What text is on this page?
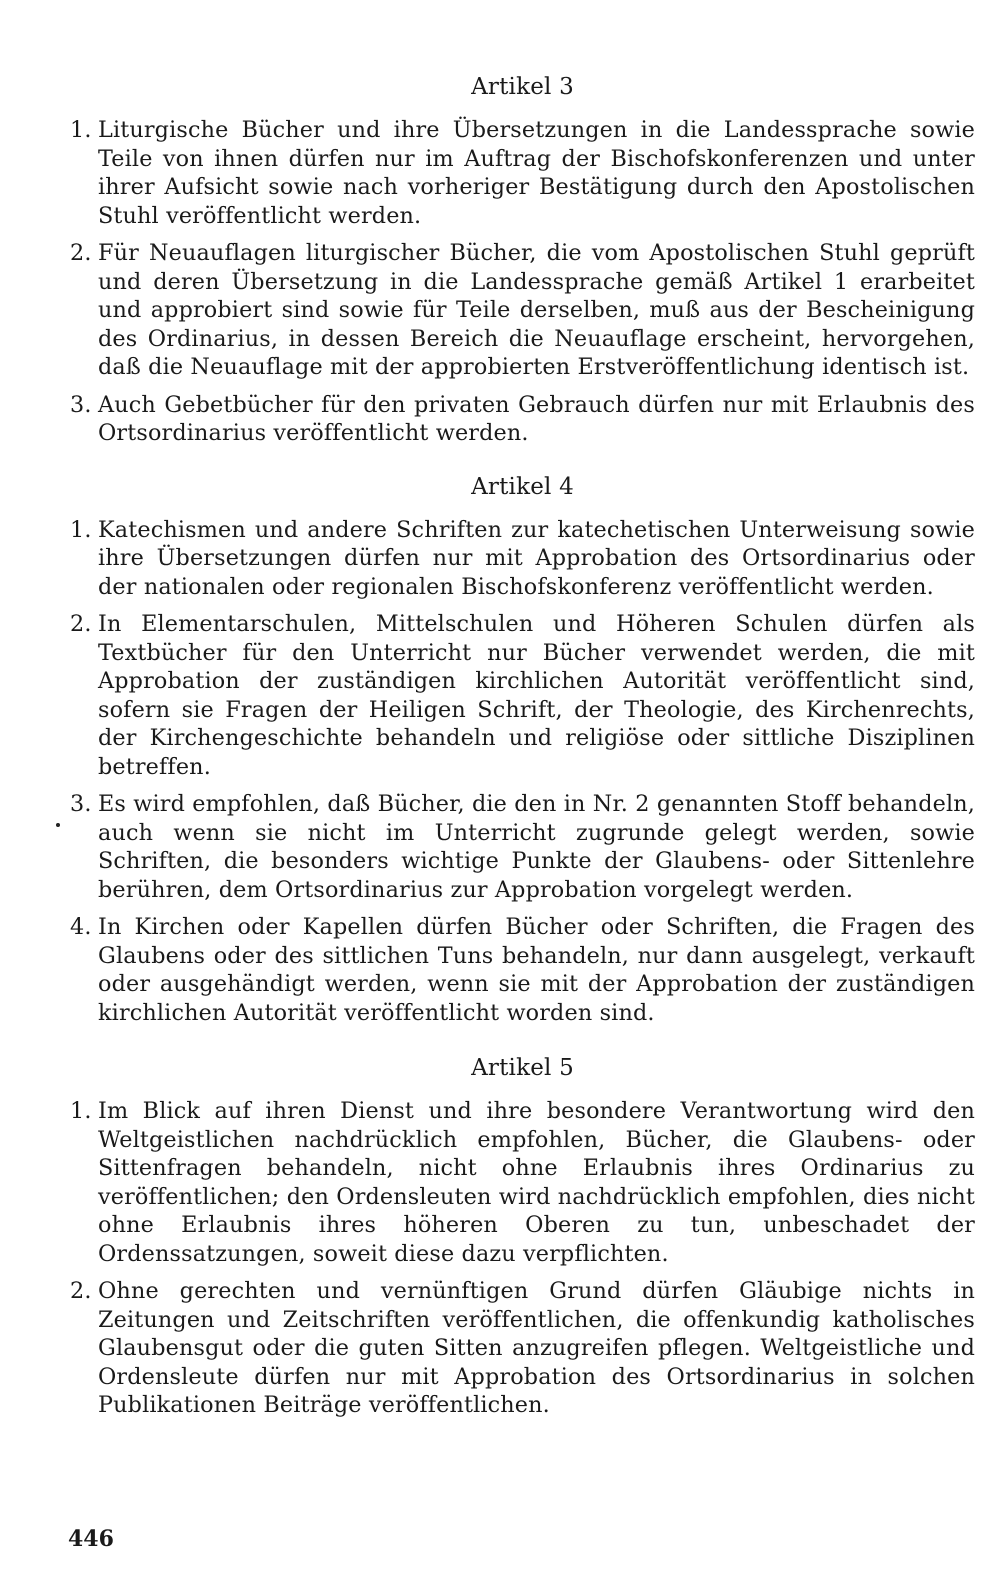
Artikel 3
1. Liturgische Bücher und ihre Übersetzungen in die Landessprache sowie Teile von ihnen dürfen nur im Auftrag der Bischofskonferenzen und unter ihrer Aufsicht sowie nach vorheriger Bestätigung durch den Apostolischen Stuhl veröffentlicht werden.
2. Für Neuauflagen liturgischer Bücher, die vom Apostolischen Stuhl geprüft und deren Übersetzung in die Landessprache gemäß Artikel 1 erarbeitet und approbiert sind sowie für Teile derselben, muß aus der Bescheinigung des Ordinarius, in dessen Bereich die Neuauflage erscheint, hervorgehen, daß die Neuauflage mit der approbierten Erstveröffentlichung identisch ist.
3. Auch Gebetbücher für den privaten Gebrauch dürfen nur mit Erlaubnis des Ortsordinarius veröffentlicht werden.
Artikel 4
1. Katechismen und andere Schriften zur katechetischen Unterweisung sowie ihre Übersetzungen dürfen nur mit Approbation des Ortsordinarius oder der nationalen oder regionalen Bischofskonferenz veröffentlicht werden.
2. In Elementarschulen, Mittelschulen und Höheren Schulen dürfen als Textbücher für den Unterricht nur Bücher verwendet werden, die mit Approbation der zuständigen kirchlichen Autorität veröffentlicht sind, sofern sie Fragen der Heiligen Schrift, der Theologie, des Kirchenrechts, der Kirchengeschichte behandeln und religiöse oder sittliche Disziplinen betreffen.
3. Es wird empfohlen, daß Bücher, die den in Nr. 2 genannten Stoff behandeln, auch wenn sie nicht im Unterricht zugrunde gelegt werden, sowie Schriften, die besonders wichtige Punkte der Glaubens- oder Sittenlehre berühren, dem Ortsordinarius zur Approbation vorgelegt werden.
4. In Kirchen oder Kapellen dürfen Bücher oder Schriften, die Fragen des Glaubens oder des sittlichen Tuns behandeln, nur dann ausgelegt, verkauft oder ausgehändigt werden, wenn sie mit der Approbation der zuständigen kirchlichen Autorität veröffentlicht worden sind.
Artikel 5
1. Im Blick auf ihren Dienst und ihre besondere Verantwortung wird den Weltgeistlichen nachdrücklich empfohlen, Bücher, die Glaubens- oder Sittenfragen behandeln, nicht ohne Erlaubnis ihres Ordinarius zu veröffentlichen; den Ordensleuten wird nachdrücklich empfohlen, dies nicht ohne Erlaubnis ihres höheren Oberen zu tun, unbeschadet der Ordenssatzungen, soweit diese dazu verpflichten.
2. Ohne gerechten und vernünftigen Grund dürfen Gläubige nichts in Zeitungen und Zeitschriften veröffentlichen, die offenkundig katholisches Glaubensgut oder die guten Sitten anzugreifen pflegen. Weltgeistliche und Ordensleute dürfen nur mit Approbation des Ortsordinarius in solchen Publikationen Beiträge veröffentlichen.
446
